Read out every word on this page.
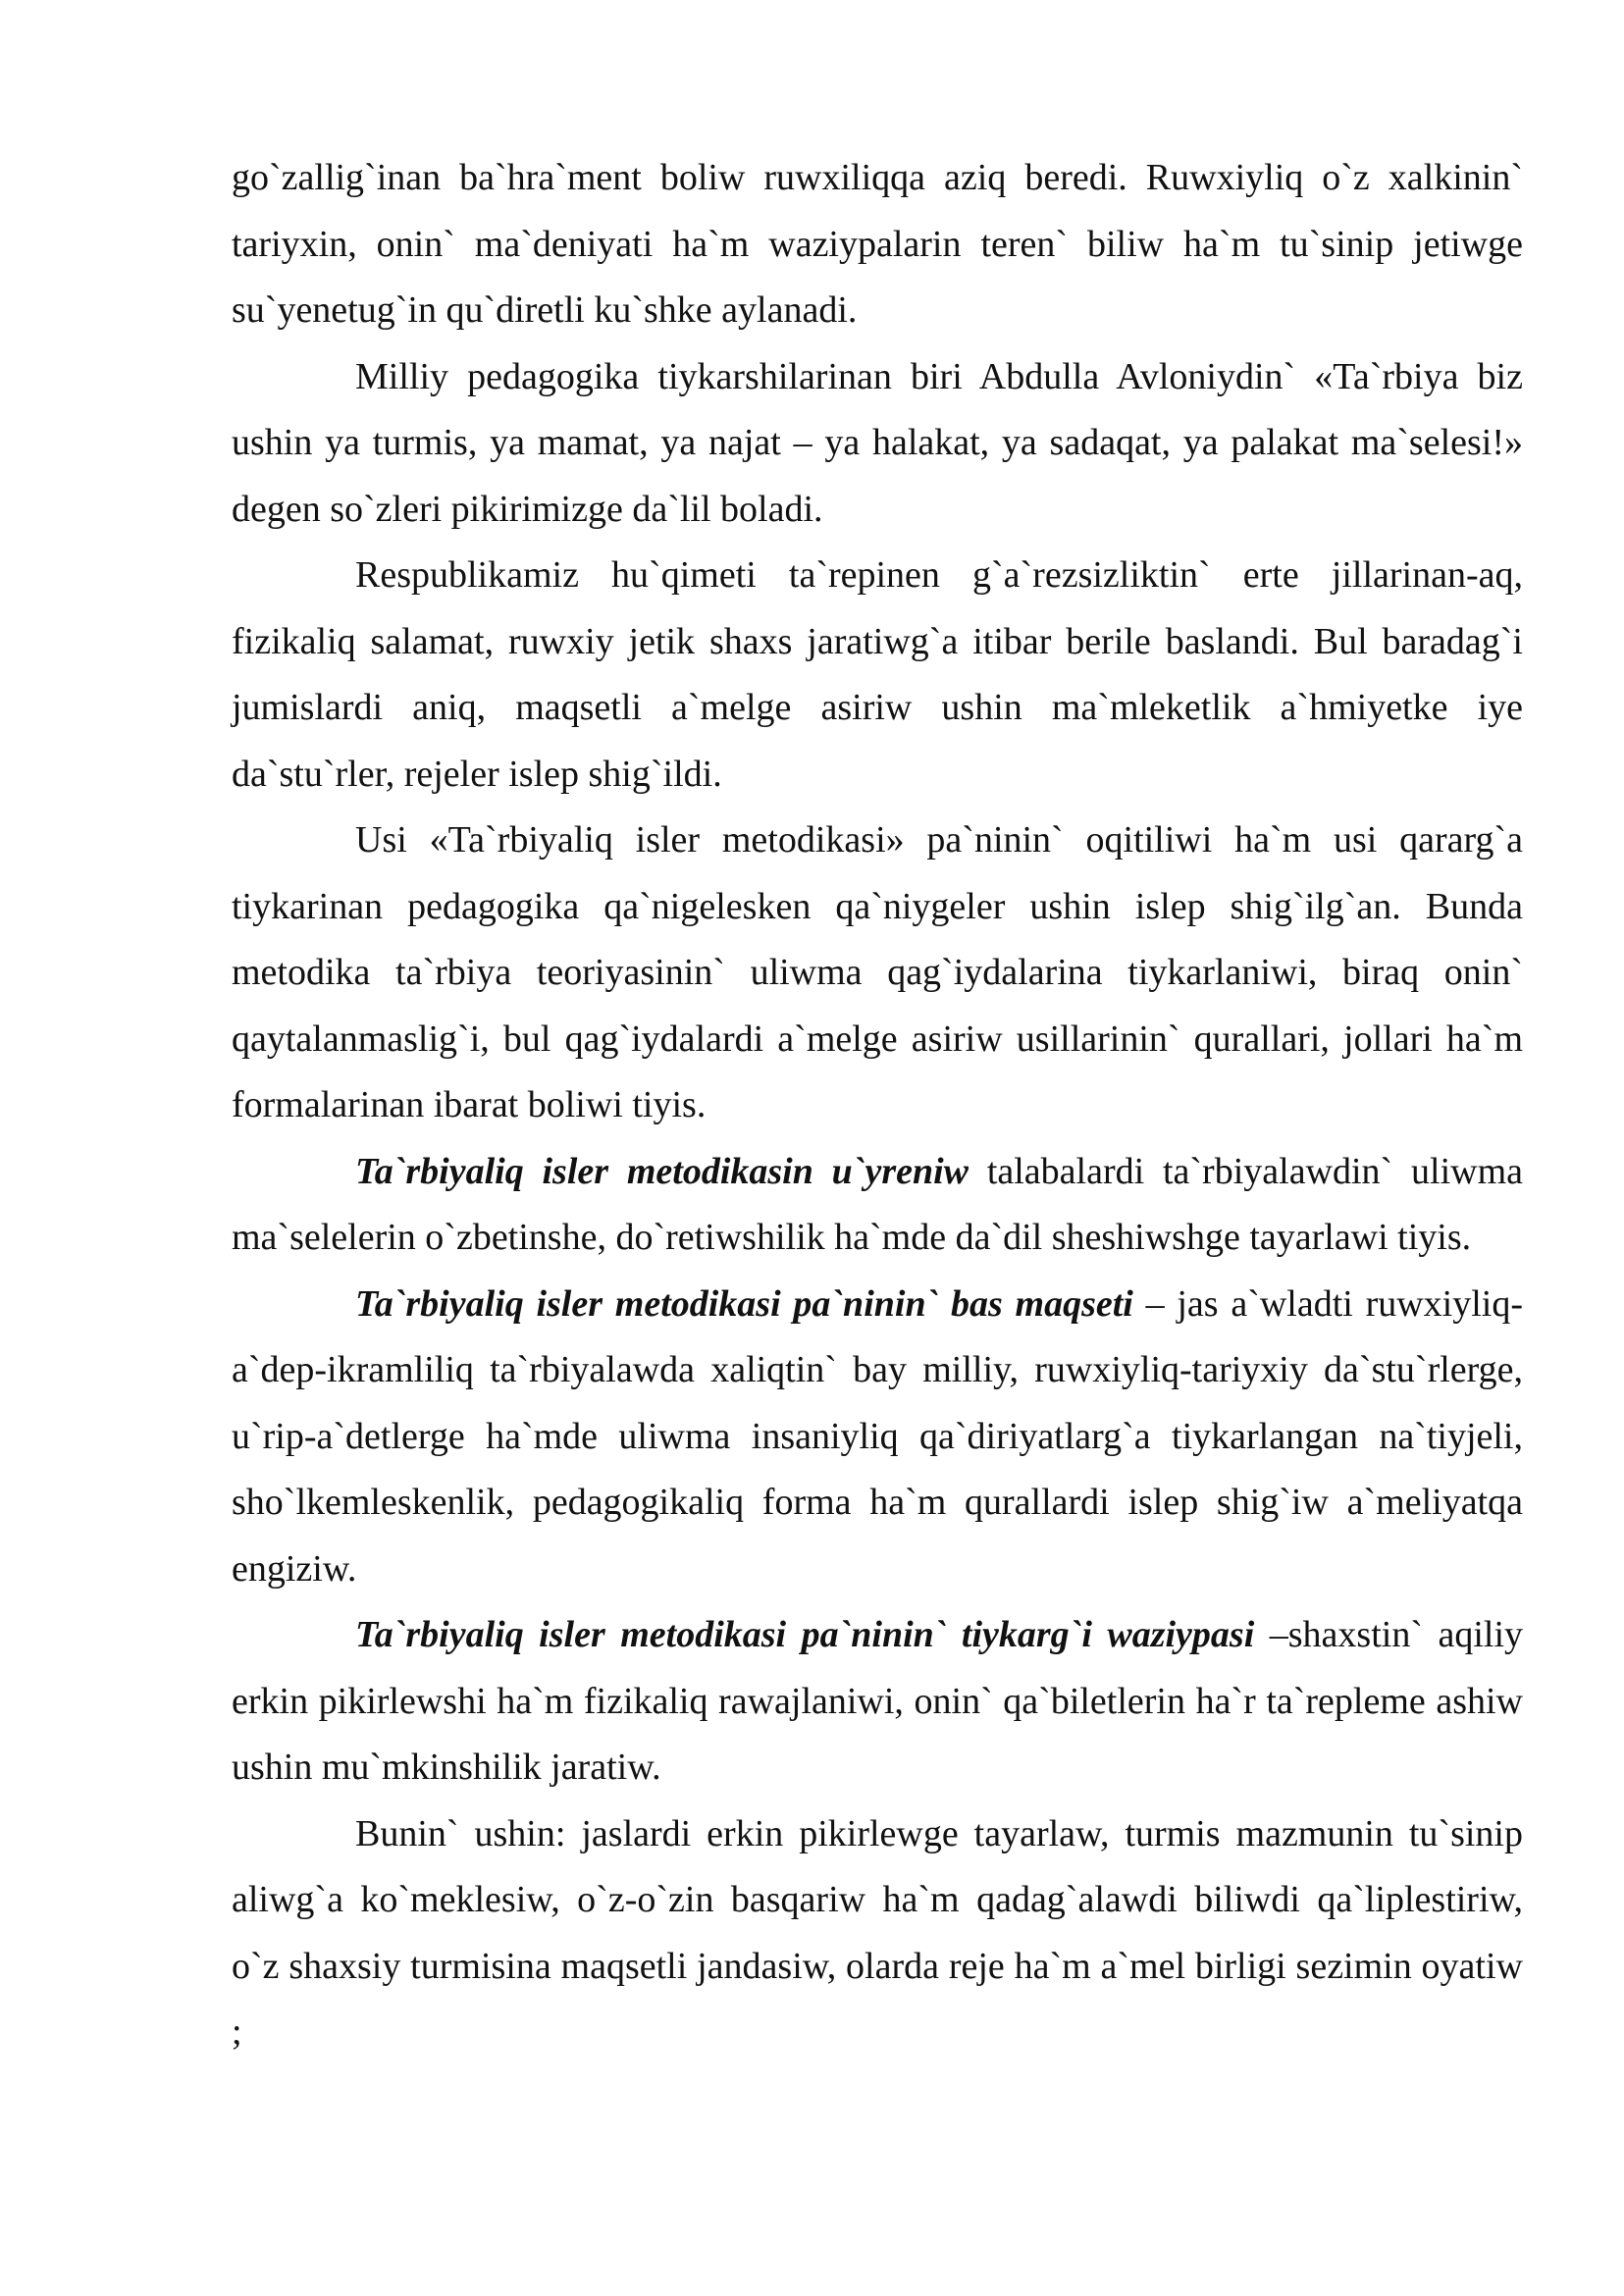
go`zallig`inan ba`hra`ment boliw ruwxiliqqa aziq beredi. Ruwxiyliq o`z xalkinin` tariyxin, onin` ma`deniyati ha`m waziypalarin teren` biliw ha`m tu`sinip jetiwge su`yenetug`in qu`diretli ku`shke aylanadi.

Milliy pedagogika tiykarshilarinan biri Abdulla Avloniydin` «Ta`rbiya biz ushin ya turmis, ya mamat, ya najat – ya halakat, ya sadaqat, ya palakat ma`selesi!» degen so`zleri pikirimizge da`lil boladi.

Respublikamiz hu`qimeti ta`repinen g`a`rezsizliktin` erte jillarinan-aq, fizikaliq salamat, ruwxiy jetik shaxs jaratiwg`a itibar berile baslandi. Bul baradag`i jumislardi aniq, maqsetli a`melge asiriw ushin ma`mleketlik a`hmiyetke iye da`stu`rler, rejeler islep shig`ildi.

Usi «Ta`rbiyaliq isler metodikasi» pa`ninin` oqitiliwi ha`m usi qararg`a tiykarinan pedagogika qa`nigelesken qa`niygeler ushin islep shig`ilg`an. Bunda metodika ta`rbiya teoriyasinin` uliwma qag`iydalarina tiykarlaniwi, biraq onin` qaytalanmaslig`i, bul qag`iydalardi a`melge asiriw usillarinin` qurallari, jollari ha`m formalarinan ibarat boliwi tiyis.

Ta`rbiyaliq isler metodikasin u`yreniw talabalardi ta`rbiyalawdin` uliwma ma`selelerin o`zbetinshe, do`retiwshilik ha`mde da`dil sheshiwshge tayarlawi tiyis.

Ta`rbiyaliq isler metodikasi pa`ninin` bas maqseti – jas a`wladti ruwxiyliq-a`dep-ikramliliq ta`rbiyalawda xaliqtin` bay milliy, ruwxiyliq-tariyxiy da`stu`rlerge, u`rip-a`detlerge ha`mde uliwma insaniyliq qa`diriyatlarg`a tiykarlangan na`tiyjeli, sho`lkemleskenlik, pedagogikaliq forma ha`m qurallardi islep shig`iw a`meliyatqa engiziw.

Ta`rbiyaliq isler metodikasi pa`ninin` tiykarg`i waziypasi –shaxstin` aqiliy erkin pikirlewshi ha`m fizikaliq rawajlaniwi, onin` qa`biletlerin ha`r ta`repleme ashiw ushin mu`mkinshilik jaratiw.

Bunin` ushin: jaslardi erkin pikirlewge tayarlaw, turmis mazmunin tu`sinip aliwg`a ko`meklesiw, o`z-o`zin basqariw ha`m qadag`alawdi biliwdi qa`liplestiriw, o`z shaxsiy turmisina maqsetli jandasiw, olarda reje ha`m a`mel birligi sezimin oyatiw ;
